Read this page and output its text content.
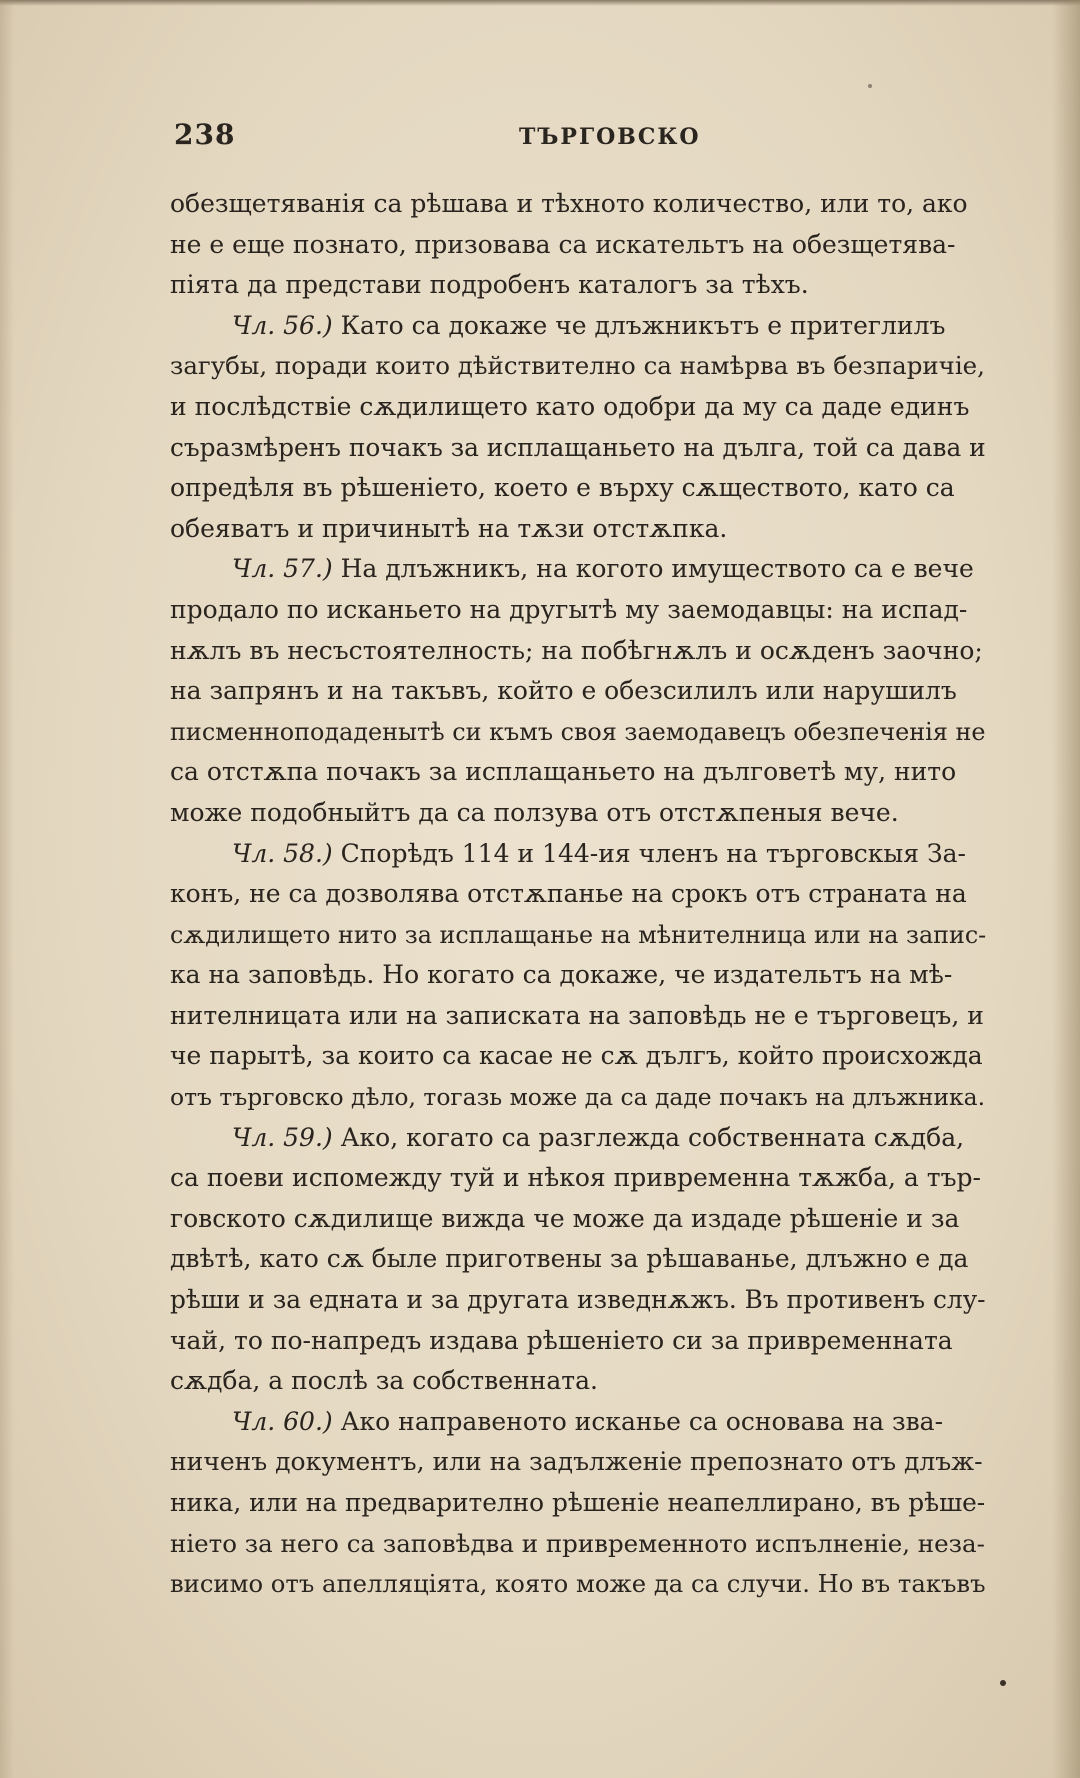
238	ТЪРГОВСКО
обезщетяванія са рѣшава и тѣхното количество, или то, ако
не е еще познато, призовава са искательтъ на обезщетява-
піята да представи подробенъ каталогъ за тѣхъ.
Чл. 56.) Като са докаже че длъжникътъ е притеглилъ
загубы, поради които дѣйствително са намѣрва въ безпаричіе,
и послѣдствіе сѫдилището като одобри да му са даде единъ
съразмѣренъ почакъ за исплащаньето на дълга, той са дава и
опредѣля въ рѣшеніето, което е върху сѫществото, като са
обеяватъ и причинытѣ на тѫзи отстѫпка.
Чл. 57.) На длъжникъ, на когото имуществото са е вече
продало по исканьето на другытѣ му заемодавцы: на испад-
нѫлъ въ несъстоятелность; на побѣгнѫлъ и осѫденъ заочно;
на запрянъ и на такъвъ, който е обезсилилъ или нарушилъ
писменноподаденытѣ си къмъ своя заемодавецъ обезпеченія не
са отстѫпа почакъ за исплащаньето на дълговетѣ му, нито
може подобныйтъ да са ползува отъ отстѫпеныя вече.
Чл. 58.) Спорѣдъ 114 и 144-ия членъ на търговскыя За-
конъ, не са дозволява отстѫпанье на срокъ отъ страната на
сѫдилището нито за исплащанье на мѣнителница или на запис-
ка на заповѣдь. Но когато са докаже, че издательтъ на мѣ-
нителницата или на записката на заповѣдь не е търговецъ, и
че парытѣ, за които са касае не сѫ дългъ, който происхожда
отъ търговско дѣло, тогазь може да са даде почакъ на длъжника.
Чл. 59.) Ако, когато са разглежда собственната сѫдба,
са поеви испомежду туй и нѣкоя привременна тѫжба, а тър-
говското сѫдилище вижда че може да издаде рѣшеніе и за
двѣтѣ, като сѫ быле приготвены за рѣшаванье, длъжно е да
рѣши и за едната и за другата изведнѫжъ. Въ противенъ слу-
чай, то по-напредъ издава рѣшеніето си за привременната
сѫдба, а послѣ за собственната.
Чл. 60.) Ако направеното исканье са основава на зва-
ниченъ документъ, или на задълженіе препознато отъ длъж-
ника, или на предварително рѣшеніе неапеллирано, въ рѣше-
ніето за него са заповѣдва и привременното испълненіе, неза-
висимо отъ апелляціята, която може да са случи. Но въ такъвъ
